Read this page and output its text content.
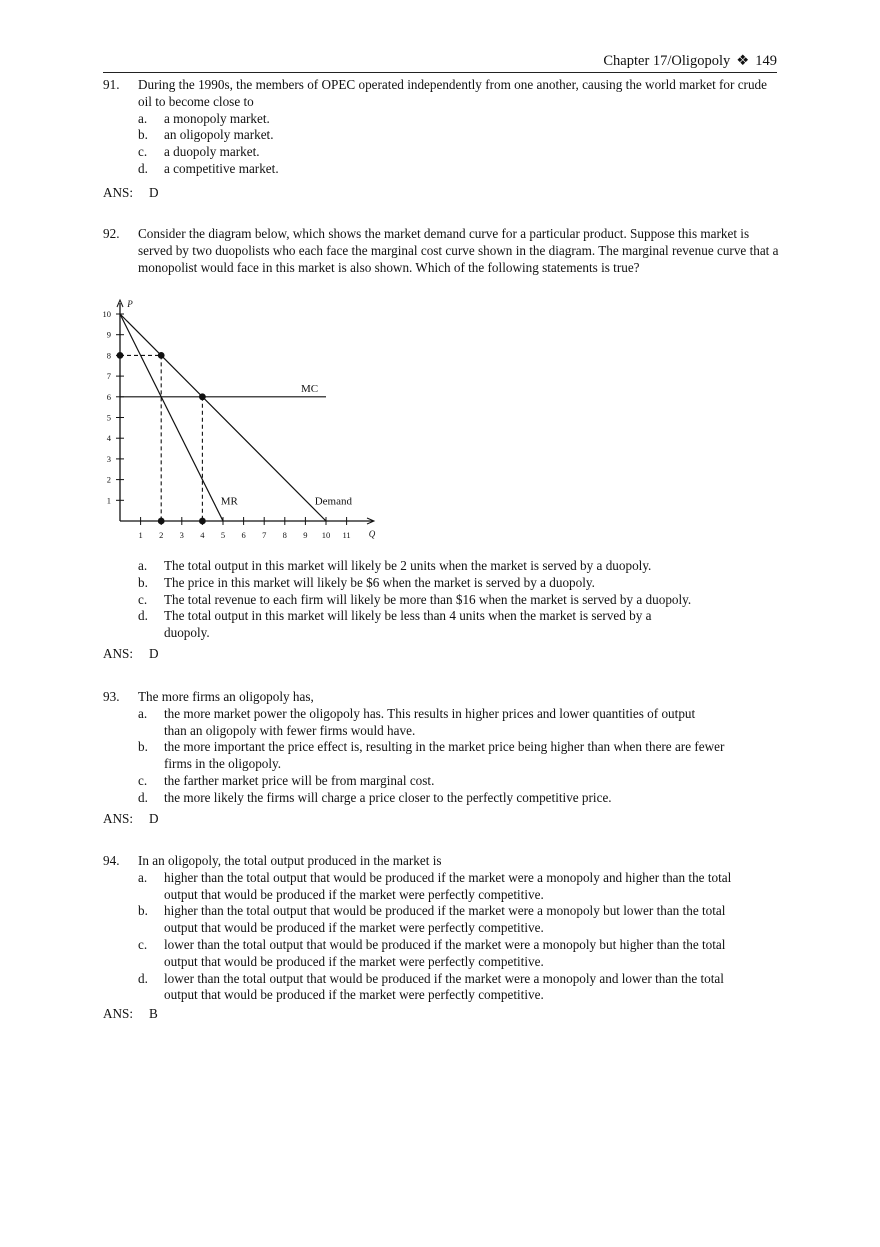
Chapter 17/Oligopoly ❖ 149
91.	During the 1990s, the members of OPEC operated independently from one another, causing the world market for crude oil to become close to
a.	a monopoly market.
b.	an oligopoly market.
c.	a duopoly market.
d.	a competitive market.
ANS: D
92.	Consider the diagram below, which shows the market demand curve for a particular product. Suppose this market is served by two duopolists who each face the marginal cost curve shown in the diagram. The marginal revenue curve that a monopolist would face in this market is also shown. Which of the following statements is true?
P
Q
1
2
3
4
5
6
7
8
9
10
1 2 3 4 5 6 7 8 9 10 11
MC
MR	Demand
a.	The total output in this market will likely be 2 units when the market is served by a duopoly.
b.	The price in this market will likely be $6 when the market is served by a duopoly.
c.	The total revenue to each firm will likely be more than $16 when the market is served by a duopoly.
d.	The total output in this market will likely be less than 4 units when the market is served by a duopoly.
ANS: D
93.	The more firms an oligopoly has,
a.	the more market power the oligopoly has. This results in higher prices and lower quantities of output than an oligopoly with fewer firms would have.
b.	the more important the price effect is, resulting in the market price being higher than when there are fewer firms in the oligopoly.
c.	the farther market price will be from marginal cost.
d.	the more likely the firms will charge a price closer to the perfectly competitive price.
ANS: D
94.	In an oligopoly, the total output produced in the market is
a.	higher than the total output that would be produced if the market were a monopoly and higher than the total output that would be produced if the market were perfectly competitive.
b.	higher than the total output that would be produced if the market were a monopoly but lower than the total output that would be produced if the market were perfectly competitive.
c.	lower than the total output that would be produced if the market were a monopoly but higher than the total output that would be produced if the market were perfectly competitive.
d.	lower than the total output that would be produced if the market were a monopoly and lower than the total output that would be produced if the market were perfectly competitive.
ANS: B
